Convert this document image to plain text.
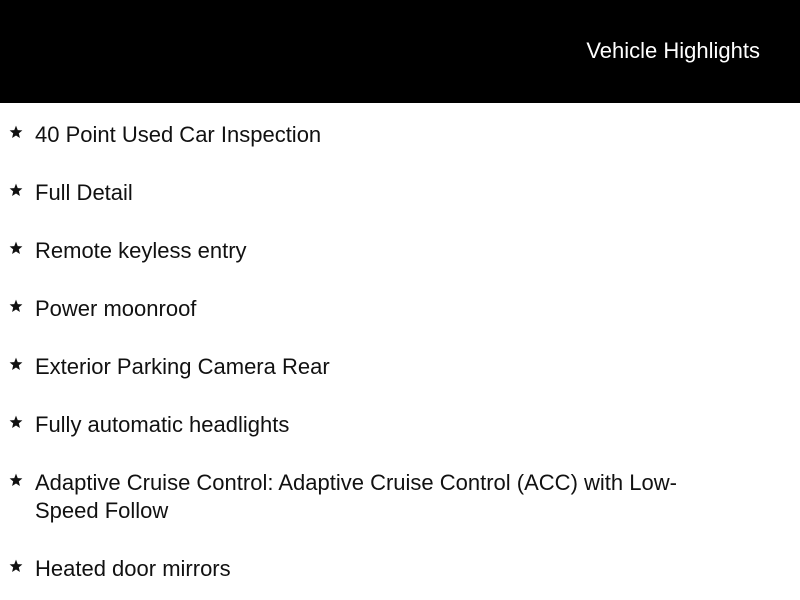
Vehicle Highlights
40 Point Used Car Inspection
Full Detail
Remote keyless entry
Power moonroof
Exterior Parking Camera Rear
Fully automatic headlights
Adaptive Cruise Control: Adaptive Cruise Control (ACC) with Low-Speed Follow
Heated door mirrors
